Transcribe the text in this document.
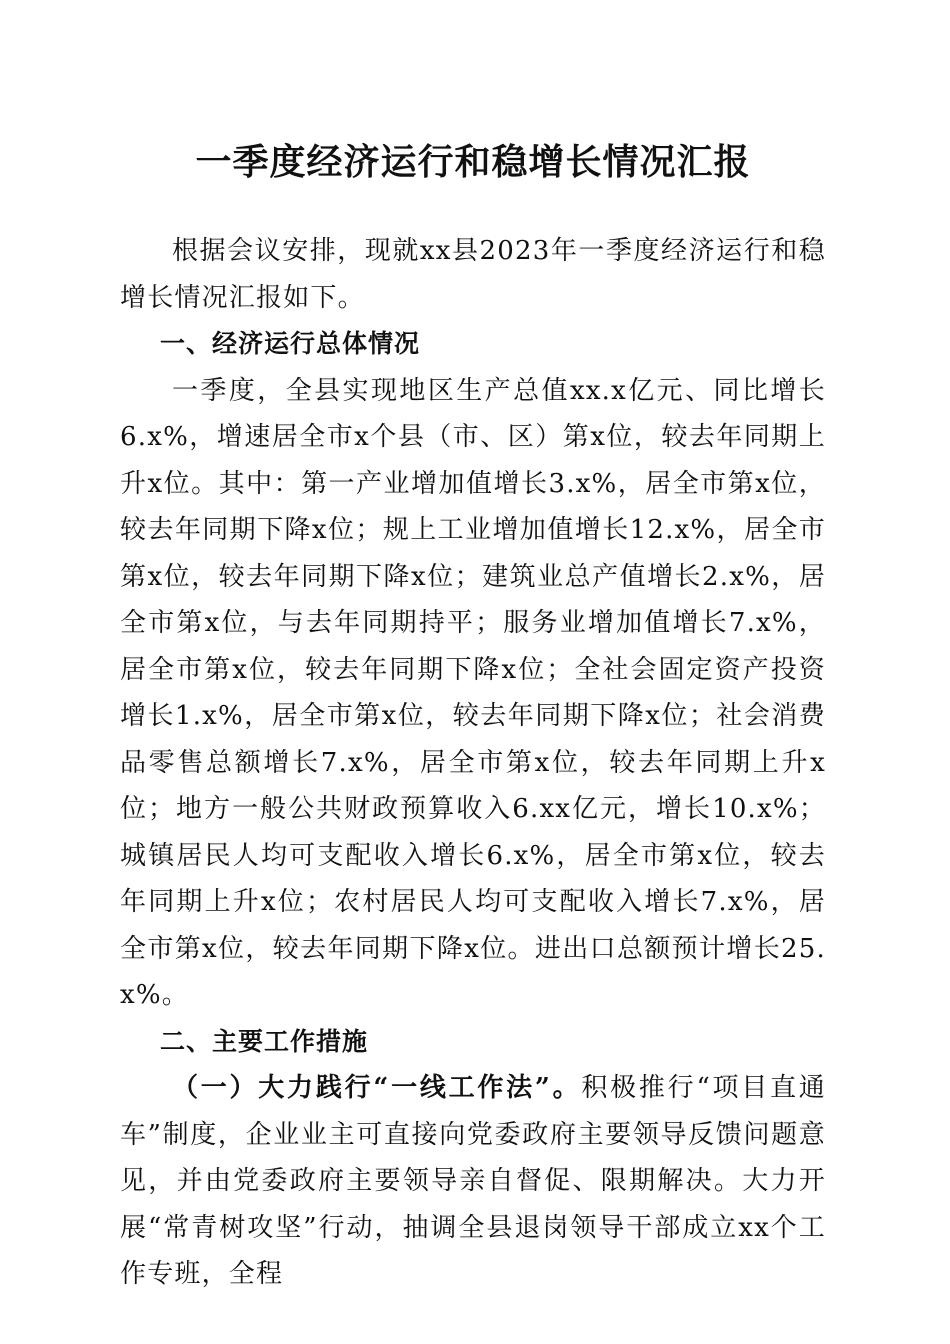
一季度经济运行和稳增长情况汇报

根据会议安排，现就xx县2023年一季度经济运行和稳增长情况汇报如下。

一、经济运行总体情况

一季度，全县实现地区生产总值xx.x亿元、同比增长6.x%，增速居全市x个县（市、区）第x位，较去年同期上升x位。其中：第一产业增加值增长3.x%，居全市第x位，较去年同期下降x位；规上工业增加值增长12.x%，居全市第x位，较去年同期下降x位；建筑业总产值增长2.x%，居全市第x位，与去年同期持平；服务业增加值增长7.x%，居全市第x位，较去年同期下降x位；全社会固定资产投资增长1.x%，居全市第x位，较去年同期下降x位；社会消费品零售总额增长7.x%，居全市第x位，较去年同期上升x位；地方一般公共财政预算收入6.xx亿元，增长10.x%；城镇居民人均可支配收入增长6.x%，居全市第x位，较去年同期上升x位；农村居民人均可支配收入增长7.x%，居全市第x位，较去年同期下降x位。进出口总额预计增长25.x%。

二、主要工作措施

（一）大力践行“一线工作法”。积极推行“项目直通车”制度，企业业主可直接向党委政府主要领导反馈问题意见，并由党委政府主要领导亲自督促、限期解决。大力开展“常青树攻坚”行动，抽调全县退岗领导干部成立xx个工作专班，全程
